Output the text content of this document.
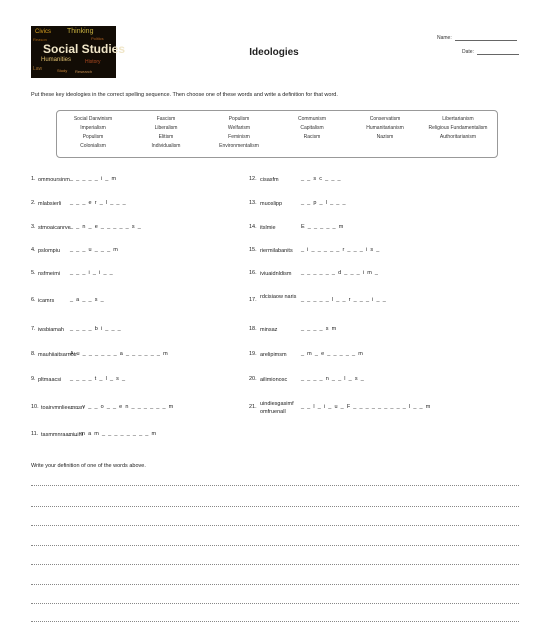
Social Studies
Civics Thinking
Humanities	History
Law	Study
Politics
Research
Reason
Ideologies
Name:
Date:
Put these key ideologies in the correct spelling sequence. Then choose one of these words and write a definition for that word.
Social Darwinism	Fascism	Populism	Communism	Conservatism	Libertarianism
Imperialism	Liberalism	Welfarism	Capitalism	Humanitarianism	Religious Fundamentalism
Populism	Elitism	Feminism	Racism	Nazism	Authoritarianism
Colonialism	Individualism	Environmentalism
1. ommoursinm _ _ _ _ _ i _ m
2. mlabsierli _ _ _ e r _ l _ _ _
3. stmoaicanrve _ _ n _ e _ _ _ _ _ s _
4. pslompiu _ _ _ u _ _ _ m
5. nsfmeimi _ _ _ i _ i _ _
6. icamrs	_ a _ _ s _
7. iwsbiamah _ _ _ _ b i _ _ _
8. mauhiiaitsarnotr
A u _ _ _ _ _ _ a _ _ _ _ _ _ m
9. pltmaacsi _ _ _ _ t _ l _ s _
10. toairvmnlieemnsn
_ _ v _ _ o _ _ e n _ _ _ _ _ _ m
11. tasmmnraamiuihi
_ _ m a m _ _ _ _ _ _ _ _ m
12. cisasfm	_ _ s c _ _ _
13. muoslipp	_ _ p _ l _ _ _
14. itslmie	E _ _ _ _ _ m
15. riermilabanits _ i _ _ _ _ _ r _ _ _ i s _
16. iviuaidnldism _ _ _ _ _ _ d _ _ _ i m _
17. rdcisiaow naris _ _ _ _ _ l _ _ r _ _ _ i _ _
18. minsaz	_ _ _ _ s m
19. arelipimsm	_ m _ e _ _ _ _ _ m
20. ailimionosc	_ _ _ _ n _ _ l _ s _
21. uindiesgasimf omfruenall
_ _ l _ i _ u _ F _ _ _ _ _ _ _ _ _ l _ _ m
Write your definition of one of the words above.
